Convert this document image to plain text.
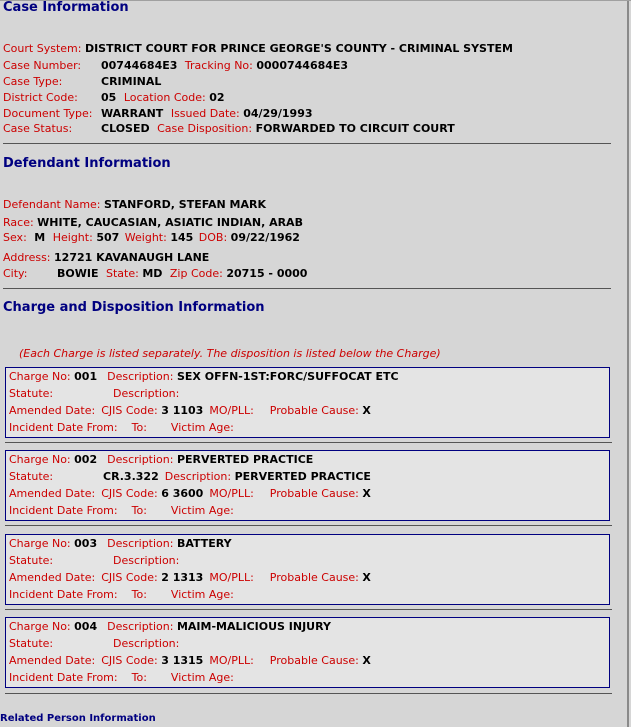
Case Information
Court System: DISTRICT COURT FOR PRINCE GEORGE'S COUNTY - CRIMINAL SYSTEM
Case Number: 00744684E3 Tracking No: 0000744684E3
Case Type:	CRIMINAL
District Code: 05 Location Code: 02
Document Type: WARRANT Issued Date: 04/29/1993
Case Status:	CLOSED Case Disposition: FORWARDED TO CIRCUIT COURT
Defendant Information
Defendant Name: STANFORD, STEFAN MARK
Race: WHITE, CAUCASIAN, ASIATIC INDIAN, ARAB
Sex: M Height: 507 Weight: 145 DOB: 09/22/1962
Address: 12721 KAVANAUGH LANE
City:	BOWIE State: MD Zip Code: 20715 - 0000
Charge and Disposition Information
(Each Charge is listed separately. The disposition is listed below the Charge)
Charge No: 001 Description: SEX OFFN-1ST:FORC/SUFFOCAT ETC
Statute:	Description:
Amended Date: CJIS Code: 3 1103 MO/PLL: Probable Cause: X
Incident Date From: To: Victim Age:
Charge No: 002 Description: PERVERTED PRACTICE
Statute:	CR.3.322 Description: PERVERTED PRACTICE
Amended Date: CJIS Code: 6 3600 MO/PLL: Probable Cause: X
Incident Date From: To: Victim Age:
Charge No: 003 Description: BATTERY
Statute:	Description:
Amended Date: CJIS Code: 2 1313 MO/PLL: Probable Cause: X
Incident Date From: To: Victim Age:
Charge No: 004 Description: MAIM-MALICIOUS INJURY
Statute:	Description:
Amended Date: CJIS Code: 3 1315 MO/PLL: Probable Cause: X
Incident Date From: To: Victim Age:
Related Person Information
